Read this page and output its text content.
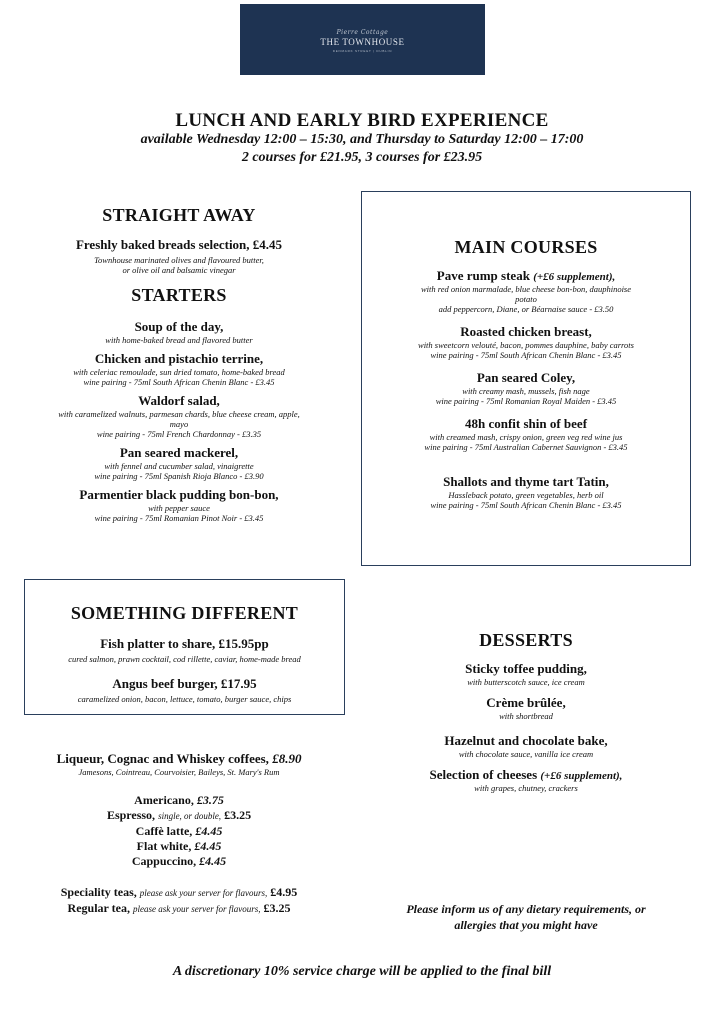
Pierre Cottage
THE TOWNHOUSE
DENMARK STREET | DUBLIN
LUNCH AND EARLY BIRD EXPERIENCE
available Wednesday 12:00 – 15:30, and Thursday to Saturday 12:00 – 17:00
2 courses for £21.95, 3 courses for £23.95
STRAIGHT AWAY
Freshly baked breads selection, £4.45
Townhouse marinated olives and flavoured butter,
or olive oil and balsamic vinegar
STARTERS
Soup of the day,
with home-baked bread and flavored butter
Chicken and pistachio terrine,
with celeriac remoulade, sun dried tomato, home-baked bread
wine pairing - 75ml South African Chenin Blanc - £3.45
Waldorf salad,
with caramelized walnuts, parmesan chards, blue cheese cream, apple,
mayo
wine pairing - 75ml French Chardonnay - £3.35
Pan seared mackerel,
with fennel and cucumber salad, vinaigrette
wine pairing - 75ml Spanish Rioja Blanco - £3.90
Parmentier black pudding bon-bon,
with pepper sauce
wine pairing - 75ml Romanian Pinot Noir - £3.45
MAIN COURSES
Pave rump steak (+£6 supplement),
with red onion marmalade, blue cheese bon-bon, dauphinoise
potato
add peppercorn, Diane, or Béarnaise sauce - £3.50
Roasted chicken breast,
with sweetcorn velouté, bacon, pommes dauphine, baby carrots
wine pairing - 75ml South African Chenin Blanc - £3.45
Pan seared Coley,
with creamy mash, mussels, fish nage
wine pairing - 75ml Romanian Royal Maiden - £3.45
48h confit shin of beef
with creamed mash, crispy onion, green veg red wine jus
wine pairing - 75ml Australian Cabernet Sauvignon - £3.45
Shallots and thyme tart Tatin,
Hassleback potato, green vegetables, herb oil
wine pairing - 75ml South African Chenin Blanc - £3.45
SOMETHING DIFFERENT
Fish platter to share, £15.95pp
cured salmon, prawn cocktail, cod rillette, caviar, home-made bread
Angus beef burger, £17.95
caramelized onion, bacon, lettuce, tomato, burger sauce, chips
DESSERTS
Sticky toffee pudding,
with butterscotch sauce, ice cream
Crème brûlée,
with shortbread
Hazelnut and chocolate bake,
with chocolate sauce, vanilla ice cream
Selection of cheeses (+£6 supplement),
with grapes, chutney, crackers
Liqueur, Cognac and Whiskey coffees, £8.90
Jamesons, Cointreau, Courvoisier, Baileys, St. Mary's Rum
Americano, £3.75
Espresso, single, or double, £3.25
Caffè latte, £4.45
Flat white, £4.45
Cappuccino, £4.45
Speciality teas, please ask your server for flavours, £4.95
Regular tea, please ask your server for flavours, £3.25	Please inform us of any dietary requirements, or
allergies that you might have
A discretionary 10% service charge will be applied to the final bill
